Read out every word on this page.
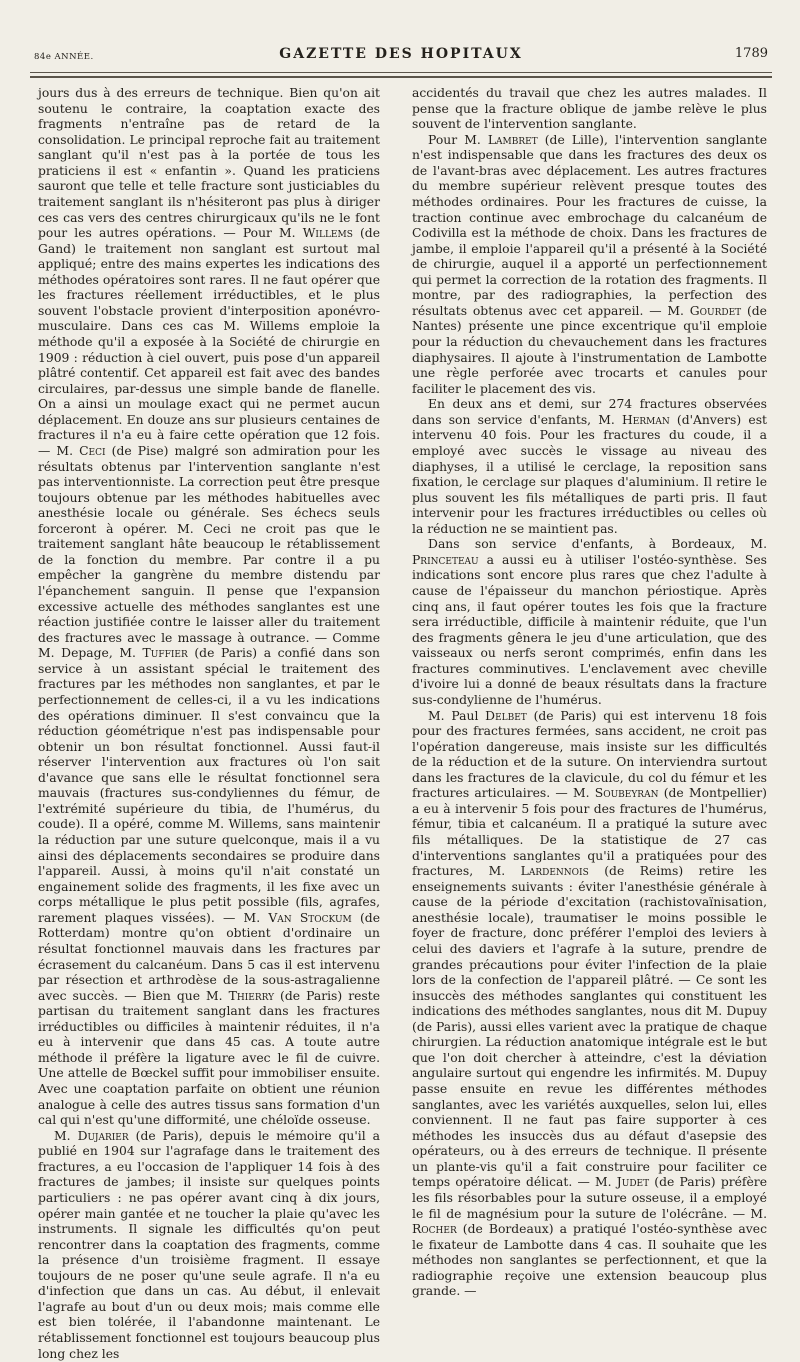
84e ANNÉE.	GAZETTE DES HOPITAUX	1789

jours dus à des erreurs de technique. Bien qu'on ait soutenu le contraire, la coaptation exacte des fragments n'entraîne pas de retard de la consolidation. Le principal reproche fait au traitement sanglant qu'il n'est pas à la portée de tous les praticiens il est « enfantin ». Quand les praticiens sauront que telle et telle fracture sont justiciables du traitement sanglant ils n'hésiteront pas plus à diriger ces cas vers des centres chirurgicaux qu'ils ne le font pour les autres opérations. — Pour M. Willems (de Gand) le traitement non sanglant est surtout mal appliqué; entre des mains expertes les indications des méthodes opératoires sont rares. Il ne faut opérer que les fractures réellement irréductibles, et le plus souvent l'obstacle provient d'interposition aponévro-musculaire. Dans ces cas M. Willems emploie la méthode qu'il a exposée à la Société de chirurgie en 1909 : réduction à ciel ouvert, puis pose d'un appareil plâtré contentif. Cet appareil est fait avec des bandes circulaires, par-dessus une simple bande de flanelle. On a ainsi un moulage exact qui ne permet aucun déplacement. En douze ans sur plusieurs centaines de fractures il n'a eu à faire cette opération que 12 fois. — M. Ceci (de Pise) malgré son admiration pour les résultats obtenus par l'intervention sanglante n'est pas interventionniste. La correction peut être presque toujours obtenue par les méthodes habituelles avec anesthésie locale ou générale. Ses échecs seuls forceront à opérer. M. Ceci ne croit pas que le traitement sanglant hâte beaucoup le rétablissement de la fonction du membre. Par contre il a pu empêcher la gangrène du membre distendu par l'épanchement sanguin. Il pense que l'expansion excessive actuelle des méthodes sanglantes est une réaction justifiée contre le laisser aller du traitement des fractures avec le massage à outrance. — Comme M. Depage, M. Tuffier (de Paris) a confié dans son service à un assistant spécial le traitement des fractures par les méthodes non sanglantes, et par le perfectionnement de celles-ci, il a vu les indications des opérations diminuer. Il s'est convaincu que la réduction géométrique n'est pas indispensable pour obtenir un bon résultat fonctionnel. Aussi faut-il réserver l'intervention aux fractures où l'on sait d'avance que sans elle le résultat fonctionnel sera mauvais (fractures sus-condyliennes du fémur, de l'extrémité supérieure du tibia, de l'humérus, du coude). Il a opéré, comme M. Willems, sans maintenir la réduction par une suture quelconque, mais il a vu ainsi des déplacements secondaires se produire dans l'appareil. Aussi, à moins qu'il n'ait constaté un engainement solide des fragments, il les fixe avec un corps métallique le plus petit possible (fils, agrafes, rarement plaques vissées). — M. Van Stockum (de Rotterdam) montre qu'on obtient d'ordinaire un résultat fonctionnel mauvais dans les fractures par écrasement du calcanéum. Dans 5 cas il est intervenu par résection et arthrodèse de la sous-astragalienne avec succès. — Bien que M. Thierry (de Paris) reste partisan du traitement sanglant dans les fractures irréductibles ou difficiles à maintenir réduites, il n'a eu à intervenir que dans 45 cas. A toute autre méthode il préfère la ligature avec le fil de cuivre. Une attelle de Bœckel suffit pour immobiliser ensuite. Avec une coaptation parfaite on obtient une réunion analogue à celle des autres tissus sans formation d'un cal qui n'est qu'une difformité, une chéloïde osseuse.

M. Dujarier (de Paris), depuis le mémoire qu'il a publié en 1904 sur l'agrafage dans le traitement des fractures, a eu l'occasion de l'appliquer 14 fois à des fractures de jambes; il insiste sur quelques points particuliers : ne pas opérer avant cinq à dix jours, opérer main gantée et ne toucher la plaie qu'avec les instruments. Il signale les difficultés qu'on peut rencontrer dans la coaptation des fragments, comme la présence d'un troisième fragment. Il essaye toujours de ne poser qu'une seule agrafe. Il n'a eu d'infection que dans un cas. Au début, il enlevait l'agrafe au bout d'un ou deux mois; mais comme elle est bien tolérée, il l'abandonne maintenant. Le rétablissement fonctionnel est toujours beaucoup plus long chez les

accidentés du travail que chez les autres malades. Il pense que la fracture oblique de jambe relève le plus souvent de l'intervention sanglante.

Pour M. Lambret (de Lille), l'intervention sanglante n'est indispensable que dans les fractures des deux os de l'avant-bras avec déplacement. Les autres fractures du membre supérieur relèvent presque toutes des méthodes ordinaires. Pour les fractures de cuisse, la traction continue avec embrochage du calcanéum de Codivilla est la méthode de choix. Dans les fractures de jambe, il emploie l'appareil qu'il a présenté à la Société de chirurgie, auquel il a apporté un perfectionnement qui permet la correction de la rotation des fragments. Il montre, par des radiographies, la perfection des résultats obtenus avec cet appareil. — M. Gourdet (de Nantes) présente une pince excentrique qu'il emploie pour la réduction du chevauchement dans les fractures diaphysaires. Il ajoute à l'instrumentation de Lambotte une règle perforée avec trocarts et canules pour faciliter le placement des vis.

En deux ans et demi, sur 274 fractures observées dans son service d'enfants, M. Herman (d'Anvers) est intervenu 40 fois. Pour les fractures du coude, il a employé avec succès le vissage au niveau des diaphyses, il a utilisé le cerclage, la reposition sans fixation, le cerclage sur plaques d'aluminium. Il retire le plus souvent les fils métalliques de parti pris. Il faut intervenir pour les fractures irréductibles ou celles où la réduction ne se maintient pas.

Dans son service d'enfants, à Bordeaux, M. Princeteau a aussi eu à utiliser l'ostéo-synthèse. Ses indications sont encore plus rares que chez l'adulte à cause de l'épaisseur du manchon périostique. Après cinq ans, il faut opérer toutes les fois que la fracture sera irréductible, difficile à maintenir réduite, que l'un des fragments gênera le jeu d'une articulation, que des vaisseaux ou nerfs seront comprimés, enfin dans les fractures comminutives. L'enclavement avec cheville d'ivoire lui a donné de beaux résultats dans la fracture sus-condylienne de l'humérus.

M. Paul Delbet (de Paris) qui est intervenu 18 fois pour des fractures fermées, sans accident, ne croit pas l'opération dangereuse, mais insiste sur les difficultés de la réduction et de la suture. On interviendra surtout dans les fractures de la clavicule, du col du fémur et les fractures articulaires. — M. Soubeyran (de Montpellier) a eu à intervenir 5 fois pour des fractures de l'humérus, fémur, tibia et calcanéum. Il a pratiqué la suture avec fils métalliques. De la statistique de 27 cas d'interventions sanglantes qu'il a pratiquées pour des fractures, M. Lardennois (de Reims) retire les enseignements suivants : éviter l'anesthésie générale à cause de la période d'excitation (rachistovaïnisation, anesthésie locale), traumatiser le moins possible le foyer de fracture, donc préférer l'emploi des leviers à celui des daviers et l'agrafe à la suture, prendre de grandes précautions pour éviter l'infection de la plaie lors de la confection de l'appareil plâtré. — Ce sont les insuccès des méthodes sanglantes qui constituent les indications des méthodes sanglantes, nous dit M. Dupuy (de Paris), aussi elles varient avec la pratique de chaque chirurgien. La réduction anatomique intégrale est le but que l'on doit chercher à atteindre, c'est la déviation angulaire surtout qui engendre les infirmités. M. Dupuy passe ensuite en revue les différentes méthodes sanglantes, avec les variétés auxquelles, selon lui, elles conviennent. Il ne faut pas faire supporter à ces méthodes les insuccès dus au défaut d'asepsie des opérateurs, ou à des erreurs de technique. Il présente un plante-vis qu'il a fait construire pour faciliter ce temps opératoire délicat. — M. Judet (de Paris) préfère les fils résorbables pour la suture osseuse, il a employé le fil de magnésium pour la suture de l'olécrâne. — M. Rocher (de Bordeaux) a pratiqué l'ostéo-synthèse avec le fixateur de Lambotte dans 4 cas. Il souhaite que les méthodes non sanglantes se perfectionnent, et que la radiographie reçoive une extension beaucoup plus grande. —
